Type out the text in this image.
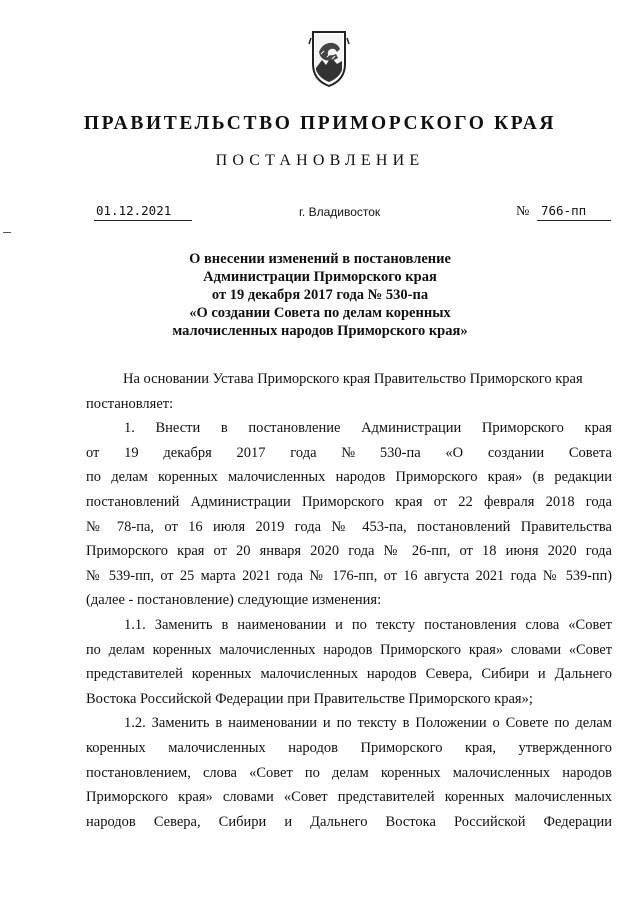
ПРАВИТЕЛЬСТВО ПРИМОРСКОГО КРАЯ
ПОСТАНОВЛЕНИЕ
01.12.2021	г. Владивосток	№ 766-пп
О внесении изменений в постановление
Администрации Приморского края
от 19 декабря 2017 года № 530-па
«О создании Совета по делам коренных
малочисленных народов Приморского края»
На основании Устава Приморского края Правительство Приморского края
постановляет:
1. Внести в постановление Администрации Приморского края
от 19 декабря 2017 года № 530-па «О создании Совета
по делам коренных малочисленных народов Приморского края» (в редакции
постановлений Администрации Приморского края от 22 февраля 2018 года
№ 78-па, от 16 июля 2019 года № 453-па, постановлений Правительства
Приморского края от 20 января 2020 года № 26-пп, от 18 июня 2020 года
№ 539-пп, от 25 марта 2021 года № 176-пп, от 16 августа 2021 года № 539-пп)
(далее - постановление) следующие изменения:
1.1. Заменить в наименовании и по тексту постановления слова «Совет
по делам коренных малочисленных народов Приморского края» словами «Совет
представителей коренных малочисленных народов Севера, Сибири и Дальнего
Востока Российской Федерации при Правительстве Приморского края»;
1.2. Заменить в наименовании и по тексту в Положении о Совете по делам
коренных малочисленных народов Приморского края, утвержденного
постановлением, слова «Совет по делам коренных малочисленных народов
Приморского края» словами «Совет представителей коренных малочисленных
народов Севера, Сибири и Дальнего Востока Российской Федерации
